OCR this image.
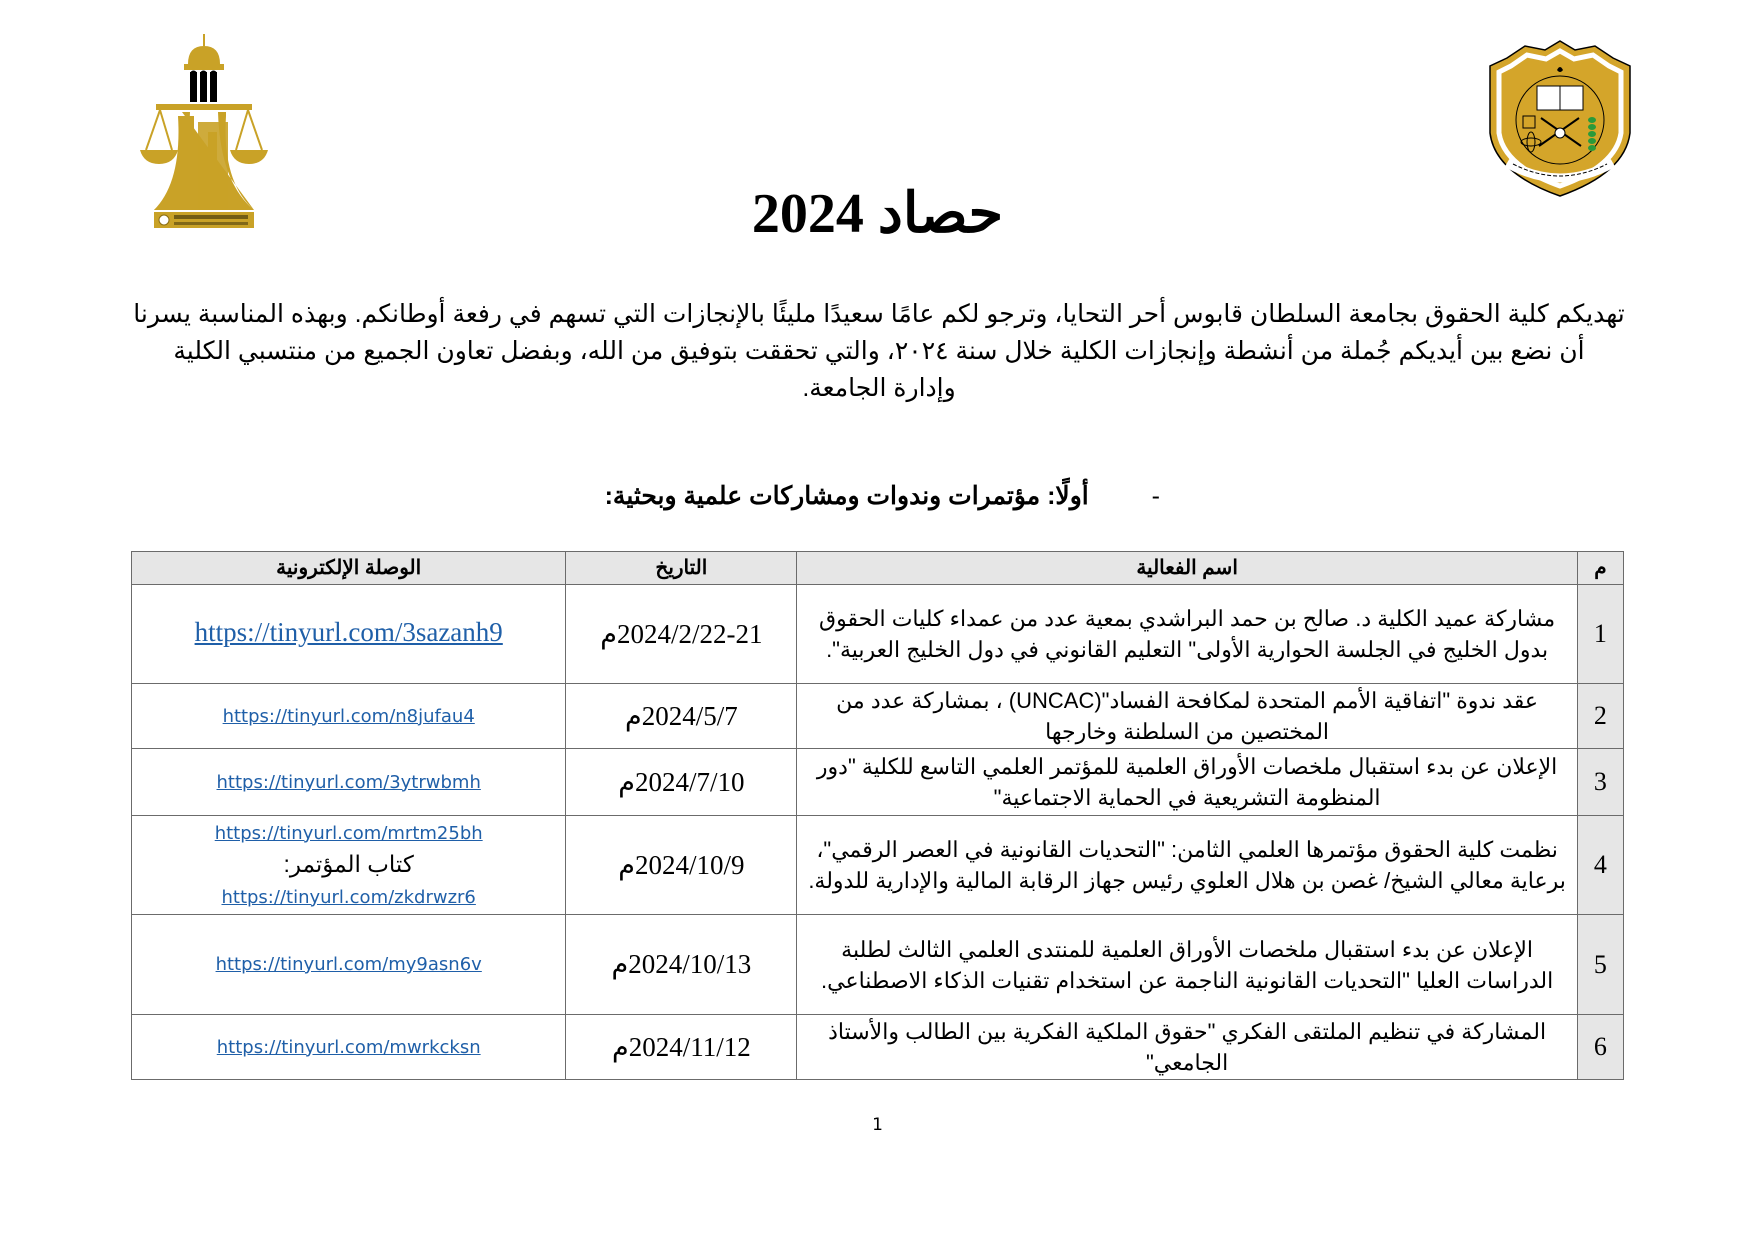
حصاد 2024

تهديكم كلية الحقوق بجامعة السلطان قابوس أحر التحايا، وترجو لكم عامًا سعيدًا مليئًا بالإنجازات التي تسهم في رفعة أوطانكم. وبهذه المناسبة يسرنا

أن نضع بين أيديكم جُملة من أنشطة وإنجازات الكلية خلال سنة ٢٠٢٤، والتي تحققت بتوفيق من الله، وبفضل تعاون الجميع من منتسبي الكلية

وإدارة الجامعة.

- أولًا: مؤتمرات وندوات ومشاركات علمية وبحثية:
م	اسم الفعالية	التاريخ	الوصلة الإلكترونية
1	مشاركة عميد الكلية د. صالح بن حمد البراشدي بمعية عدد من عمداء كليات الحقوق بدول الخليج في الجلسة الحوارية الأولى" التعليم القانوني في دول الخليج العربية".	2024/2/22-21م	https://tinyurl.com/3sazanh9
2	عقد ندوة "اتفاقية الأمم المتحدة لمكافحة الفساد"(UNCAC) ، بمشاركة عدد من المختصين من السلطنة وخارجها	2024/5/7م	https://tinyurl.com/n8jufau4
3	الإعلان عن بدء استقبال ملخصات الأوراق العلمية للمؤتمر العلمي التاسع للكلية "دور المنظومة التشريعية في الحماية الاجتماعية"	2024/7/10م	https://tinyurl.com/3ytrwbmh
4	نظمت كلية الحقوق مؤتمرها العلمي الثامن: "التحديات القانونية في العصر الرقمي"، برعاية معالي الشيخ/ غصن بن هلال العلوي رئيس جهاز الرقابة المالية والإدارية للدولة.	2024/10/9م	https://tinyurl.com/mrtm25bh
كتاب المؤتمر:
https://tinyurl.com/zkdrwzr6
5	الإعلان عن بدء استقبال ملخصات الأوراق العلمية للمنتدى العلمي الثالث لطلبة الدراسات العليا "التحديات القانونية الناجمة عن استخدام تقنيات الذكاء الاصطناعي.	2024/10/13م	https://tinyurl.com/my9asn6v
6	المشاركة في تنظيم الملتقى الفكري "حقوق الملكية الفكرية بين الطالب والأستاذ الجامعي"	2024/11/12م	https://tinyurl.com/mwrkcksn
1
